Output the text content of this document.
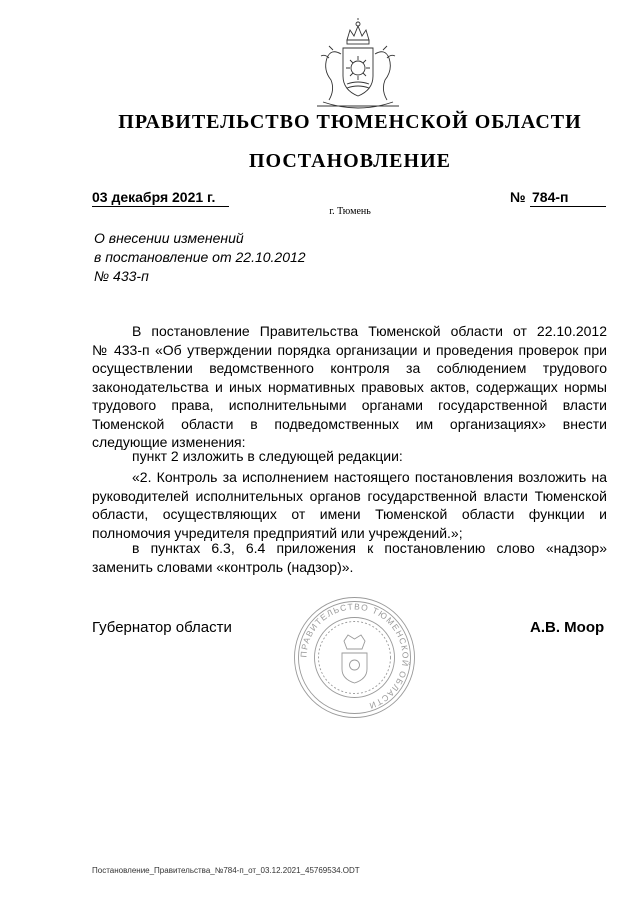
ПРАВИТЕЛЬСТВО ТЮМЕНСКОЙ ОБЛАСТИ
ПОСТАНОВЛЕНИЕ
03 декабря 2021 г.	№ 784-п
г. Тюмень
О внесении изменений
в постановление от 22.10.2012
№ 433-п
В постановление Правительства Тюменской области от 22.10.2012
№ 433-п «Об утверждении порядка организации и проведения проверок при
осуществлении ведомственного контроля за соблюдением трудового
законодательства и иных нормативных правовых актов, содержащих нормы
трудового права, исполнительными органами государственной власти
Тюменской области в подведомственных им организациях» внести
следующие изменения:
пункт 2 изложить в следующей редакции:
«2. Контроль за исполнением настоящего постановления возложить на
руководителей исполнительных органов государственной власти Тюменской
области, осуществляющих от имени Тюменской области функции и
полномочия учредителя предприятий или учреждений.»;
в пунктах 6.3, 6.4 приложения к постановлению слово «надзор»
заменить словами «контроль (надзор)».
Губернатор области	А.В. Моор
ПРАВИТЕЛЬСТВО ТЮМЕНСКОЙ ОБЛАСТИ
Постановление_Правительства_№784-п_от_03.12.2021_45769534.ODT
